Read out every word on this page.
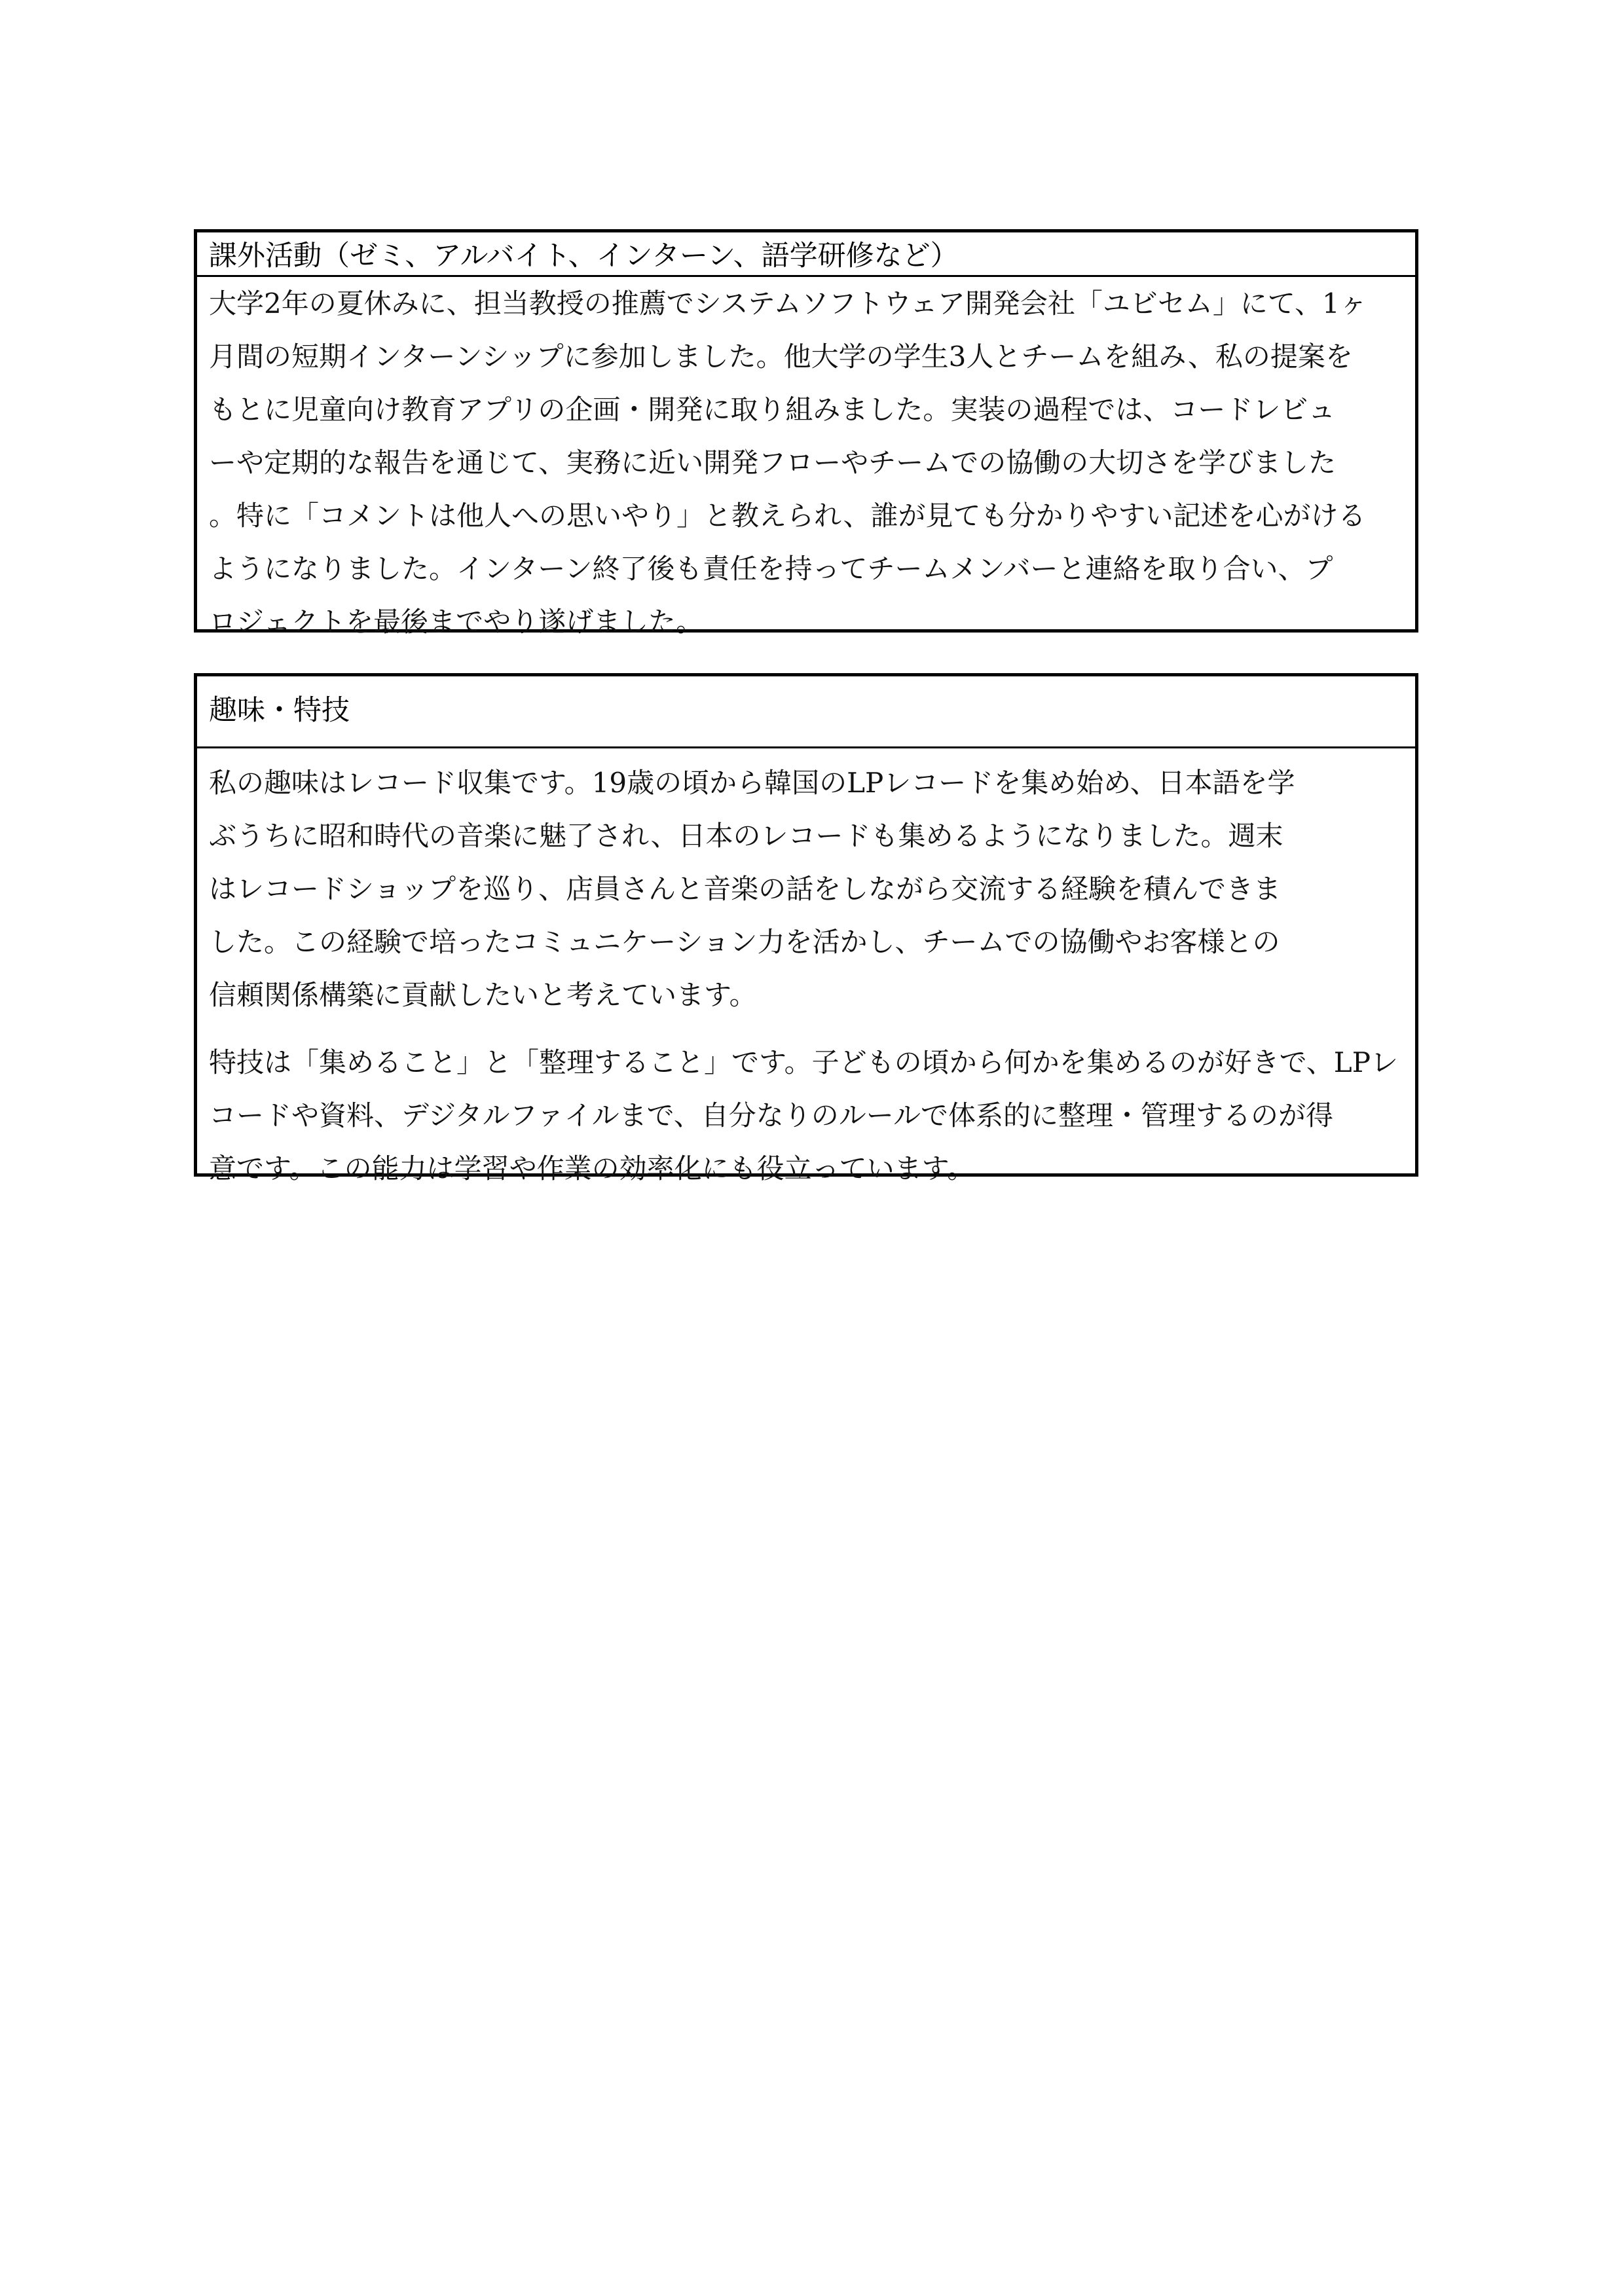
課外活動（ゼミ、アルバイト、インターン、語学研修など）
大学2年の夏休みに、担当教授の推薦でシステムソフトウェア開発会社「ユビセム」にて、1ヶ
月間の短期インターンシップに参加しました。他大学の学生3人とチームを組み、私の提案を
もとに児童向け教育アプリの企画・開発に取り組みました。実装の過程では、コードレビュ
ーや定期的な報告を通じて、実務に近い開発フローやチームでの協働の大切さを学びました
。特に「コメントは他人への思いやり」と教えられ、誰が見ても分かりやすい記述を心がける
ようになりました。インターン終了後も責任を持ってチームメンバーと連絡を取り合い、プ
ロジェクトを最後までやり遂げました。
趣味・特技
私の趣味はレコード収集です。19歳の頃から韓国のLPレコードを集め始め、日本語を学
ぶうちに昭和時代の音楽に魅了され、日本のレコードも集めるようになりました。週末
はレコードショップを巡り、店員さんと音楽の話をしながら交流する経験を積んできま
した。この経験で培ったコミュニケーション力を活かし、チームでの協働やお客様との
信頼関係構築に貢献したいと考えています。
特技は「集めること」と「整理すること」です。子どもの頃から何かを集めるのが好きで、LPレ
コードや資料、デジタルファイルまで、自分なりのルールで体系的に整理・管理するのが得
意です。この能力は学習や作業の効率化にも役立っています。
